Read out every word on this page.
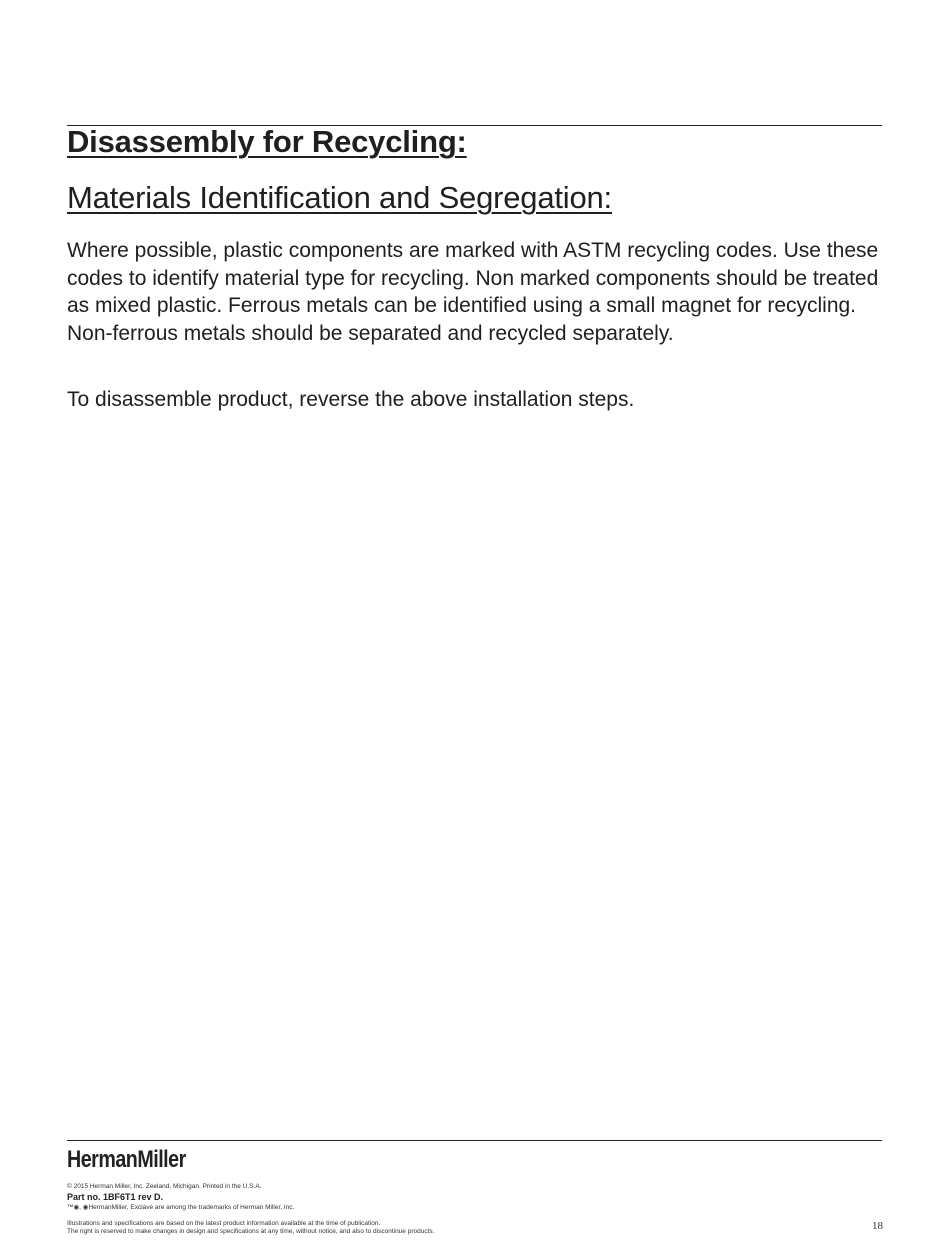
Disassembly for Recycling:
Materials Identification and Segregation:

Where possible, plastic components are marked with ASTM recycling codes. Use these codes to identify material type for recycling. Non marked components should be treated as mixed plastic. Ferrous metals can be identified using a small magnet for recycling. Non-ferrous metals should be separated and recycled separately.

To disassemble product, reverse the above installation steps.

HermanMiller
© 2015 Herman Miller, Inc. Zeeland, Michigan. Printed in the U.S.A.
Part no. 1BF6T1 rev D.
™◉, ◉HermanMiller, Exclave are among the trademarks of Herman Miller, Inc.
Illustrations and specifications are based on the latest product information available at the time of publication.
The right is reserved to make changes in design and specifications at any time, without notice, and also to discontinue products.	18
